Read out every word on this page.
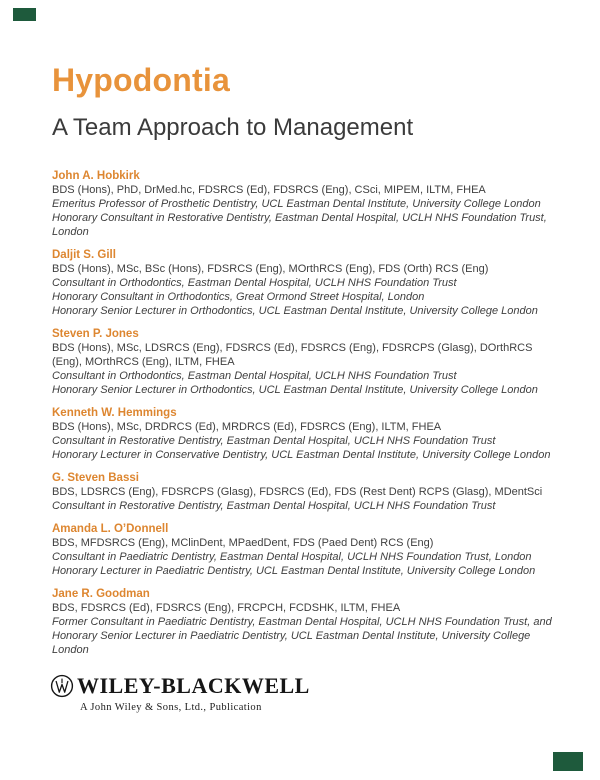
Hypodontia
A Team Approach to Management
John A. Hobkirk
BDS (Hons), PhD, DrMed.hc, FDSRCS (Ed), FDSRCS (Eng), CSci, MIPEM, ILTM, FHEA
Emeritus Professor of Prosthetic Dentistry, UCL Eastman Dental Institute, University College London
Honorary Consultant in Restorative Dentistry, Eastman Dental Hospital, UCLH NHS Foundation Trust, London
Daljit S. Gill
BDS (Hons), MSc, BSc (Hons), FDSRCS (Eng), MOrthRCS (Eng), FDS (Orth) RCS (Eng)
Consultant in Orthodontics, Eastman Dental Hospital, UCLH NHS Foundation Trust
Honorary Consultant in Orthodontics, Great Ormond Street Hospital, London
Honorary Senior Lecturer in Orthodontics, UCL Eastman Dental Institute, University College London
Steven P. Jones
BDS (Hons), MSc, LDSRCS (Eng), FDSRCS (Ed), FDSRCS (Eng), FDSRCPS (Glasg), DOrthRCS (Eng), MOrthRCS (Eng), ILTM, FHEA
Consultant in Orthodontics, Eastman Dental Hospital, UCLH NHS Foundation Trust
Honorary Senior Lecturer in Orthodontics, UCL Eastman Dental Institute, University College London
Kenneth W. Hemmings
BDS (Hons), MSc, DRDRCS (Ed), MRDRCS (Ed), FDSRCS (Eng), ILTM, FHEA
Consultant in Restorative Dentistry, Eastman Dental Hospital, UCLH NHS Foundation Trust
Honorary Lecturer in Conservative Dentistry, UCL Eastman Dental Institute, University College London
G. Steven Bassi
BDS, LDSRCS (Eng), FDSRCPS (Glasg), FDSRCS (Ed), FDS (Rest Dent) RCPS (Glasg), MDentSci
Consultant in Restorative Dentistry, Eastman Dental Hospital, UCLH NHS Foundation Trust
Amanda L. O’Donnell
BDS, MFDSRCS (Eng), MClinDent, MPaedDent, FDS (Paed Dent) RCS (Eng)
Consultant in Paediatric Dentistry, Eastman Dental Hospital, UCLH NHS Foundation Trust, London
Honorary Lecturer in Paediatric Dentistry, UCL Eastman Dental Institute, University College London
Jane R. Goodman
BDS, FDSRCS (Ed), FDSRCS (Eng), FRCPCH, FCDSHK, ILTM, FHEA
Former Consultant in Paediatric Dentistry, Eastman Dental Hospital, UCLH NHS Foundation Trust, and Honorary Senior Lecturer in Paediatric Dentistry, UCL Eastman Dental Institute, University College London
WILEY-BLACKWELL
A John Wiley & Sons, Ltd., Publication
